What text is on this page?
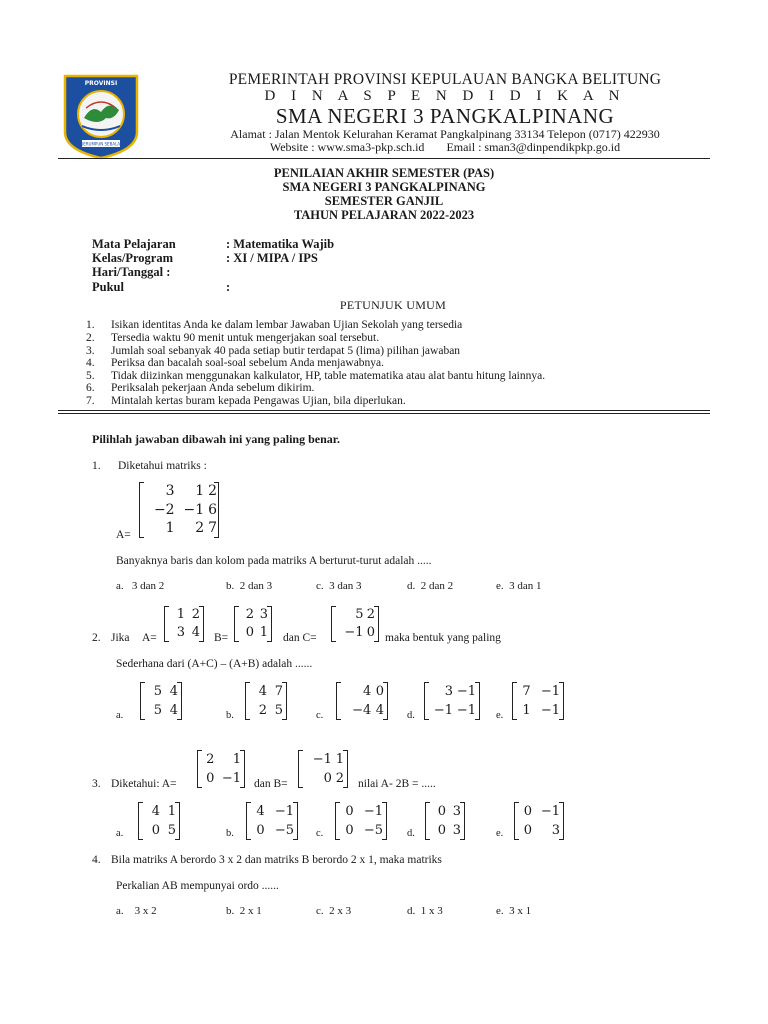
PROVINSI
SERUMPUN SEBALAI
PEMERINTAH PROVINSI KEPULAUAN BANGKA BELITUNG
D I N A S P E N D I D I K A N
SMA NEGERI 3 PANGKALPINANG
Alamat : Jalan Mentok Kelurahan Keramat Pangkalpinang 33134 Telepon (0717) 422930
Website : www.sma3-pkp.sch.id Email : sman3@dinpendikpkp.go.id
PENILAIAN AKHIR SEMESTER (PAS)
SMA NEGERI 3 PANGKALPINANG
SEMESTER GANJIL
TAHUN PELAJARAN 2022-2023
Mata Pelajaran	: Matematika Wajib
Kelas/Program	: XI / MIPA / IPS
Hari/Tanggal :
Pukul	:
PETUNJUK UMUM
1. Isikan identitas Anda ke dalam lembar Jawaban Ujian Sekolah yang tersedia
2. Tersedia waktu 90 menit untuk mengerjakan soal tersebut.
3. Jumlah soal sebanyak 40 pada setiap butir terdapat 5 (lima) pilihan jawaban
4. Periksa dan bacalah soal-soal sebelum Anda menjawabnya.
5. Tidak diizinkan menggunakan kalkulator, HP, table matematika atau alat bantu hitung lainnya.
6. Periksalah pekerjaan Anda sebelum dikirim.
7. Mintalah kertas buram kepada Pengawas Ujian, bila diperlukan.
Pilihlah jawaban dibawah ini yang paling benar.
1. Diketahui matriks :
A=
3	1	2
−2	−1	6
1	2	7
Banyaknya baris dan kolom pada matriks A berturut-turut adalah .....
a. 3 dan 2	b. 2 dan 3	c. 3 dan 3	d. 2 dan 2	e. 3 dan 1
2. Jika A=
1	2
3	4 B=
2	3
0	1 dan C=
5	2
−1	0 maka bentuk yang paling
Sederhana dari (A+C) – (A+B) adalah ......
a.
5	4
5	4	b.
4	7
2	5	c.
4	0
−4	4 d.
3	−1
−1	−1 e.
7	−1
1	−1
3. Diketahui: A=
2	1
0	−1 dan B=
−1	1
0	2 nilai A- 2B = .....
a.
4	1
0	5	b.
4	−1
0	−5 c.
0	−1
0	−5 d.
0	3
0	3	e.
0	−1
0	3
4. Bila matriks A berordo 3 x 2 dan matriks B berordo 2 x 1, maka matriks
Perkalian AB mempunyai ordo ......
a. 3 x 2	b. 2 x 1	c. 2 x 3	d. 1 x 3	e. 3 x 1
